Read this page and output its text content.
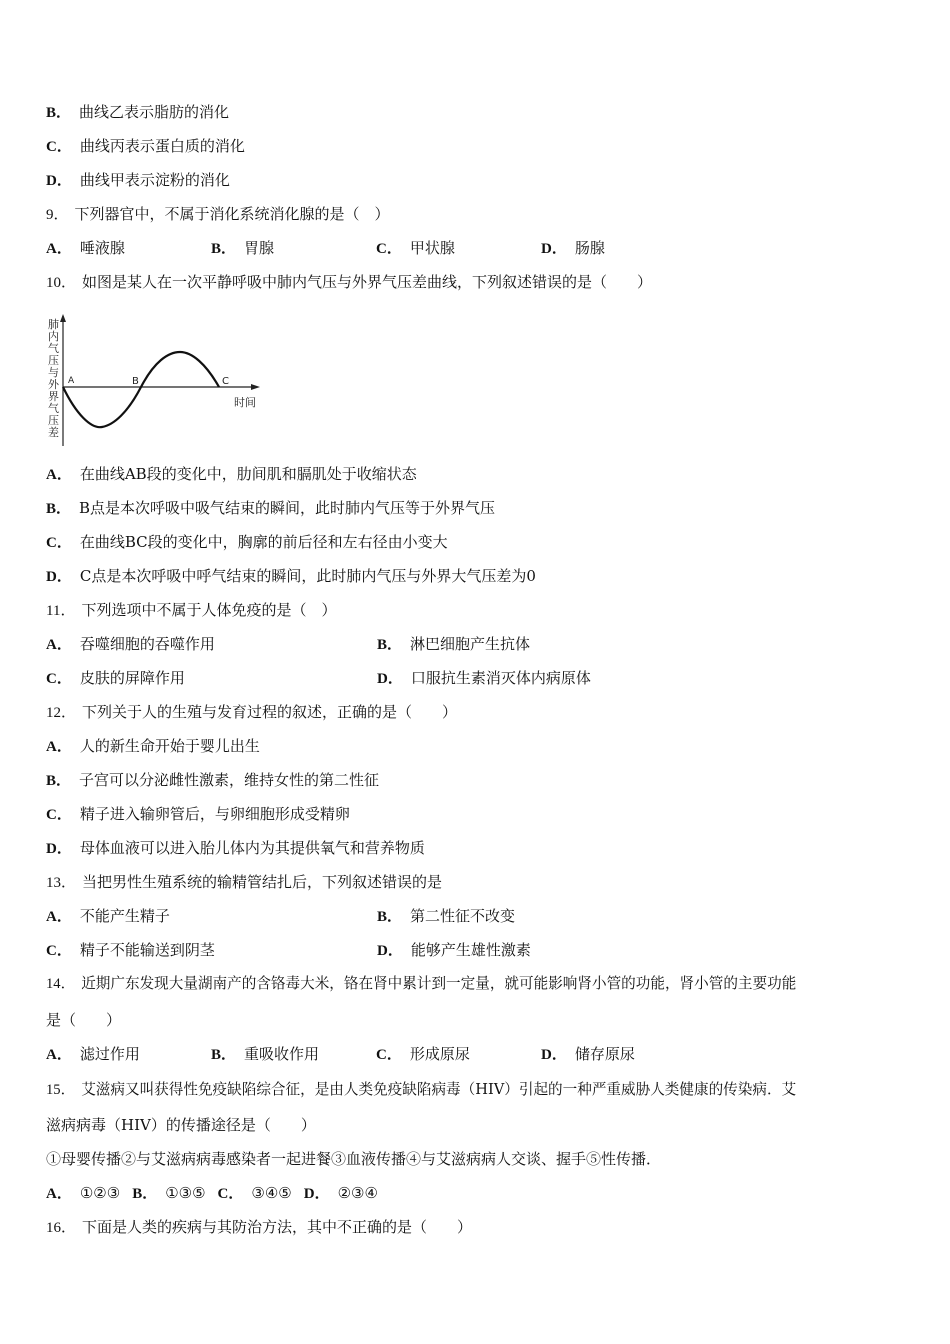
B． 曲线乙表示脂肪的消化
C． 曲线丙表示蛋白质的消化
D． 曲线甲表示淀粉的消化
9． 下列器官中，不属于消化系统消化腺的是（　）
A． 唾液腺	B． 胃腺	C． 甲状腺	D． 肠腺
10． 如图是某人在一次平静呼吸中肺内气压与外界气压差曲线，下列叙述错误的是（　　）
肺
内
气
压
与
外
界
气
压
差
A	B	C
时间
A． 在曲线AB段的变化中，肋间肌和膈肌处于收缩状态
B． B点是本次呼吸中吸气结束的瞬间，此时肺内气压等于外界气压
C． 在曲线BC段的变化中，胸廓的前后径和左右径由小变大
D． C点是本次呼吸中呼气结束的瞬间，此时肺内气压与外界大气压差为0
11． 下列选项中不属于人体免疫的是（　）
A． 吞噬细胞的吞噬作用	B． 淋巴细胞产生抗体
C． 皮肤的屏障作用	D． 口服抗生素消灭体内病原体
12． 下列关于人的生殖与发育过程的叙述，正确的是（　　）
A． 人的新生命开始于婴儿出生
B． 子宫可以分泌雌性激素，维持女性的第二性征
C． 精子进入输卵管后，与卵细胞形成受精卵
D． 母体血液可以进入胎儿体内为其提供氧气和营养物质
13． 当把男性生殖系统的输精管结扎后，下列叙述错误的是
A． 不能产生精子	B． 第二性征不改变
C． 精子不能输送到阴茎	D． 能够产生雄性激素
14． 近期广东发现大量湖南产的含铬毒大米，铬在肾中累计到一定量，就可能影响肾小管的功能，肾小管的主要功能
是（　　）
A． 滤过作用	B． 重吸收作用	C． 形成原尿	D． 储存原尿
15． 艾滋病又叫获得性免疫缺陷综合征，是由人类免疫缺陷病毒（HIV）引起的一种严重威胁人类健康的传染病．艾
滋病病毒（HIV）的传播途径是（　　）
①母婴传播②与艾滋病病毒感染者一起进餐③血液传播④与艾滋病病人交谈、握手⑤性传播．
A． ①②③ B． ①③⑤ C． ③④⑤ D． ②③④
16． 下面是人类的疾病与其防治方法，其中不正确的是（　　）
